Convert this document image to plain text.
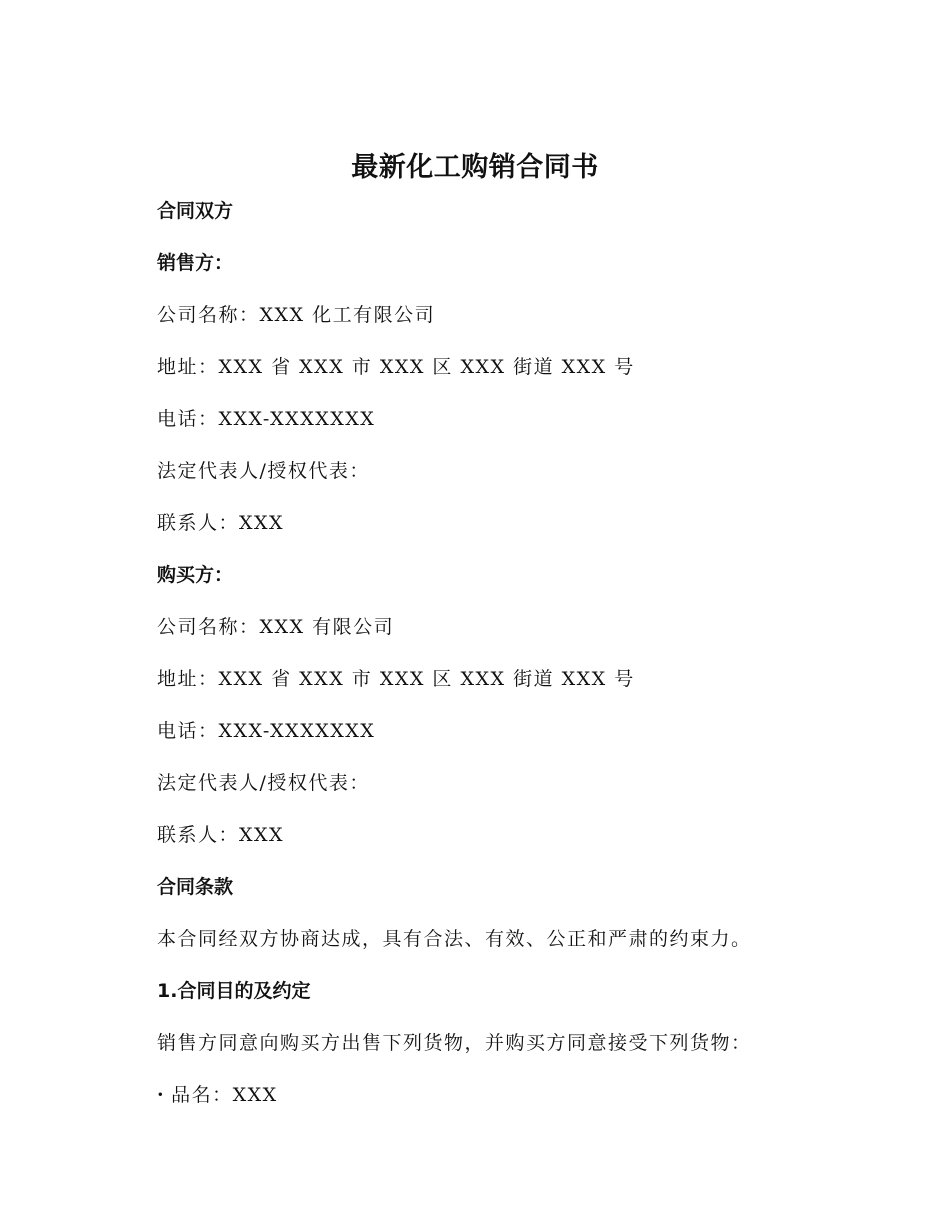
最新化工购销合同书
合同双方
销售方：
公司名称：XXX 化工有限公司
地址：XXX 省 XXX 市 XXX 区 XXX 街道 XXX 号
电话：XXX-XXXXXXX
法定代表人/授权代表：
联系人：XXX
购买方：
公司名称：XXX 有限公司
地址：XXX 省 XXX 市 XXX 区 XXX 街道 XXX 号
电话：XXX-XXXXXXX
法定代表人/授权代表：
联系人：XXX
合同条款
本合同经双方协商达成，具有合法、有效、公正和严肃的约束力。
1.合同目的及约定
销售方同意向购买方出售下列货物，并购买方同意接受下列货物：
· 品名：XXX
